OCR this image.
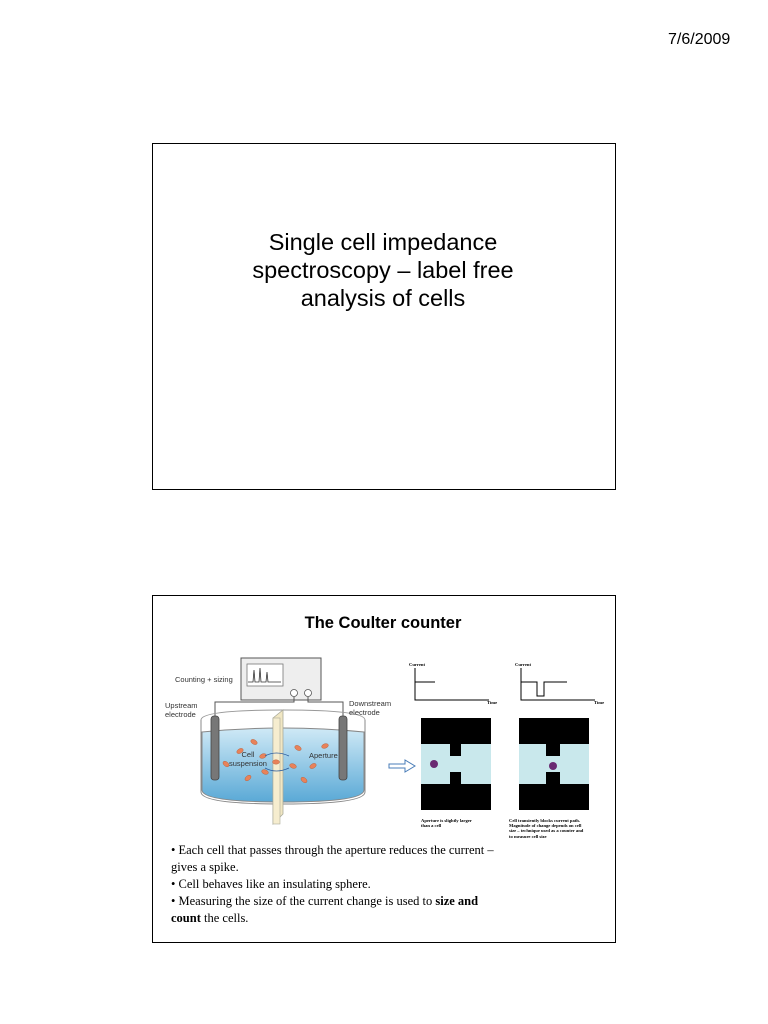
7/6/2009
Single cell impedance
spectroscopy – label free
analysis of cells
The Coulter counter
Counting + sizing
Upstream
electrode
Downstream
electrode
Cell
suspension
Aperture
Current
Time
Current
Time
Aperture is slightly larger
than a cell
Cell transiently blocks current path.
Magnitude of change depends on cell
size – technique used as a counter and
to measure cell size
• Each cell that passes through the aperture reduces the current – gives a spike.
• Cell behaves like an insulating sphere.
• Measuring the size of the current change is used to size and count the cells.
